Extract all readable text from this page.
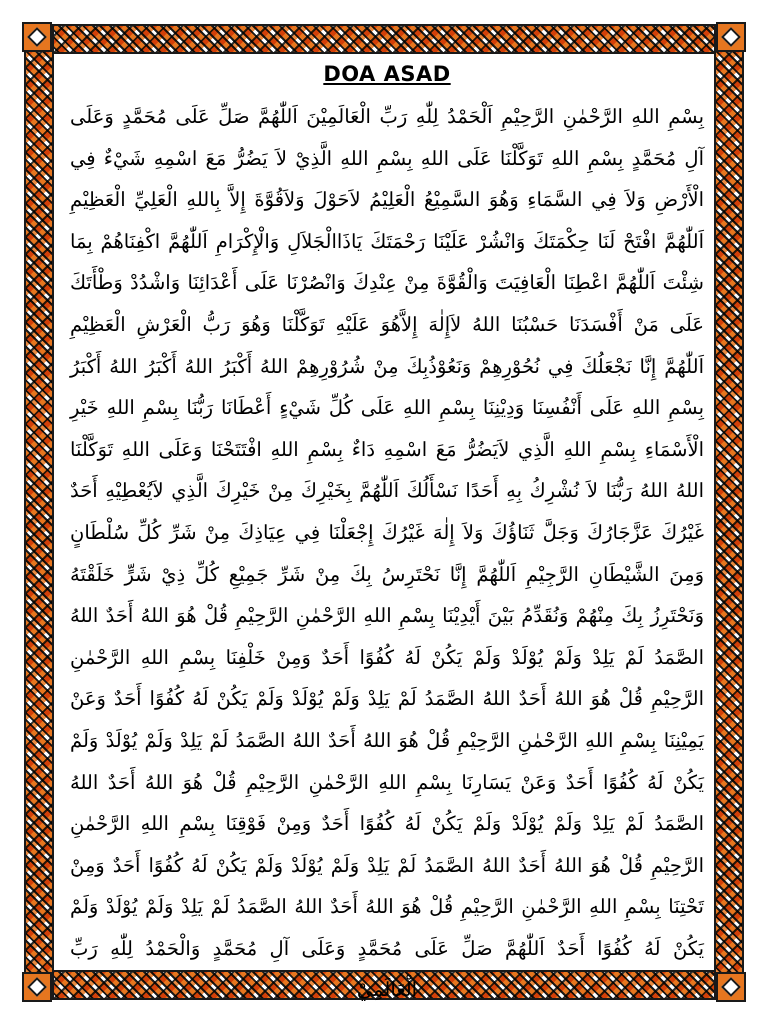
DOA ASAD

بِسْمِ اللهِ الرَّحْمٰنِ الرَّحِيْمِ اَلْحَمْدُ لِلّٰهِ رَبِّ الْعَالَمِيْنَ اَللّٰهُمَّ صَلِّ عَلَى مُحَمَّدٍ وَعَلَى آلِ مُحَمَّدٍ بِسْمِ اللهِ تَوَكَّلْنَا عَلَى اللهِ بِسْمِ اللهِ الَّذِيْ لاَ يَضُرُّ مَعَ اسْمِهِ شَيْءٌ فِي الْأَرْضِ وَلاَ فِي السَّمَاءِ وَهُوَ السَّمِيْعُ الْعَلِيْمُ لاَحَوْلَ وَلاَقُوَّةَ إِلاَّ بِاللهِ الْعَلِيِّ الْعَظِيْمِ اَللّٰهُمَّ افْتَحْ لَنَا حِكْمَتَكَ وَانْشُرْ عَلَيْنَا رَحْمَتَكَ يَاذَاالْجَلاَلِ وَالْإِكْرَامِ اَللّٰهُمَّ اكْفِنَاهُمْ بِمَا شِئْتَ اَللّٰهُمَّ اعْطِنَا الْعَافِيَتَ وَالْقُوَّةَ مِنْ عِنْدِكَ وَانْصُرْنَا عَلَى أَعْدَائِنَا وَاشْدُدْ وَطْأَتَكَ عَلَى مَنْ أَفْسَدَنَا حَسْبُنَا اللهُ لاَإِلٰهَ إِلاَّهُوَ عَلَيْهِ تَوَكَّلْنَا وَهُوَ رَبُّ الْعَرْشِ الْعَظِيْمِ اَللّٰهُمَّ إِنَّا نَجْعَلُكَ فِي نُحُوْرِهِمْ وَنَعُوْذُبِكَ مِنْ شُرُوْرِهِمْ اللهُ أَكْبَرُ اللهُ أَكْبَرُ اللهُ أَكْبَرُ بِسْمِ اللهِ عَلَى أَنْفُسِنَا وَدِيْنِنَا بِسْمِ اللهِ عَلَى كُلِّ شَيْءٍ أَعْطَانَا رَبُّنَا بِسْمِ اللهِ خَيْرِ الْأَسْمَاءِ بِسْمِ اللهِ الَّذِي لاَيَضُرُّ مَعَ اسْمِهِ دَاءٌ بِسْمِ اللهِ افْتَتَحْنَا وَعَلَى اللهِ تَوَكَّلْنَا اللهُ اللهُ رَبُّنَا لاَ نُشْرِكُ بِهِ أَحَدًا نَسْأَلُكَ اَللّٰهُمَّ بِخَيْرِكَ مِنْ خَيْرِكَ الَّذِي لاَيُعْطِيْهِ أَحَدٌ غَيْرُكَ عَزَّجَارُكَ وَجَلَّ ثَنَاؤُكَ وَلاَ إِلٰهَ غَيْرُكَ إِجْعَلْنَا فِي عِيَاذِكَ مِنْ شَرِّ كُلِّ سُلْطَانٍ وَمِنَ الشَّيْطَانِ الرَّجِيْمِ اَللّٰهُمَّ إِنَّا نَحْتَرِسُ بِكَ مِنْ شَرِّ جَمِيْعِ كُلِّ ذِيْ شَرٍّ خَلَقْتَهُ وَنَحْتَرِزُ بِكَ مِنْهُمْ وَنُقَدِّمُ بَيْنَ أَيْدِيْنَا بِسْمِ اللهِ الرَّحْمٰنِ الرَّحِيْمِ قُلْ هُوَ اللهُ أَحَدٌ اللهُ الصَّمَدُ لَمْ يَلِدْ وَلَمْ يُوْلَدْ وَلَمْ يَكُنْ لَهُ كُفُوًا أَحَدٌ وَمِنْ خَلْفِنَا بِسْمِ اللهِ الرَّحْمٰنِ الرَّحِيْمِ قُلْ هُوَ اللهُ أَحَدٌ اللهُ الصَّمَدُ لَمْ يَلِدْ وَلَمْ يُوْلَدْ وَلَمْ يَكُنْ لَهُ كُفُوًا أَحَدٌ وَعَنْ يَمِيْنِنَا بِسْمِ اللهِ الرَّحْمٰنِ الرَّحِيْمِ قُلْ هُوَ اللهُ أَحَدٌ اللهُ الصَّمَدُ لَمْ يَلِدْ وَلَمْ يُوْلَدْ وَلَمْ يَكُنْ لَهُ كُفُوًا أَحَدٌ وَعَنْ يَسَارِنَا بِسْمِ اللهِ الرَّحْمٰنِ الرَّحِيْمِ قُلْ هُوَ اللهُ أَحَدٌ اللهُ الصَّمَدُ لَمْ يَلِدْ وَلَمْ يُوْلَدْ وَلَمْ يَكُنْ لَهُ كُفُوًا أَحَدٌ وَمِنْ فَوْقِنَا بِسْمِ اللهِ الرَّحْمٰنِ الرَّحِيْمِ قُلْ هُوَ اللهُ أَحَدٌ اللهُ الصَّمَدُ لَمْ يَلِدْ وَلَمْ يُوْلَدْ وَلَمْ يَكُنْ لَهُ كُفُوًا أَحَدٌ وَمِنْ تَحْتِنَا بِسْمِ اللهِ الرَّحْمٰنِ الرَّحِيْمِ قُلْ هُوَ اللهُ أَحَدٌ اللهُ الصَّمَدُ لَمْ يَلِدْ وَلَمْ يُوْلَدْ وَلَمْ يَكُنْ لَهُ كُفُوًا أَحَدٌ اَللّٰهُمَّ صَلِّ عَلَى مُحَمَّدٍ وَعَلَى آلِ مُحَمَّدٍ وَالْحَمْدُ لِلّٰهِ رَبِّ الْعَالَمِيْ
